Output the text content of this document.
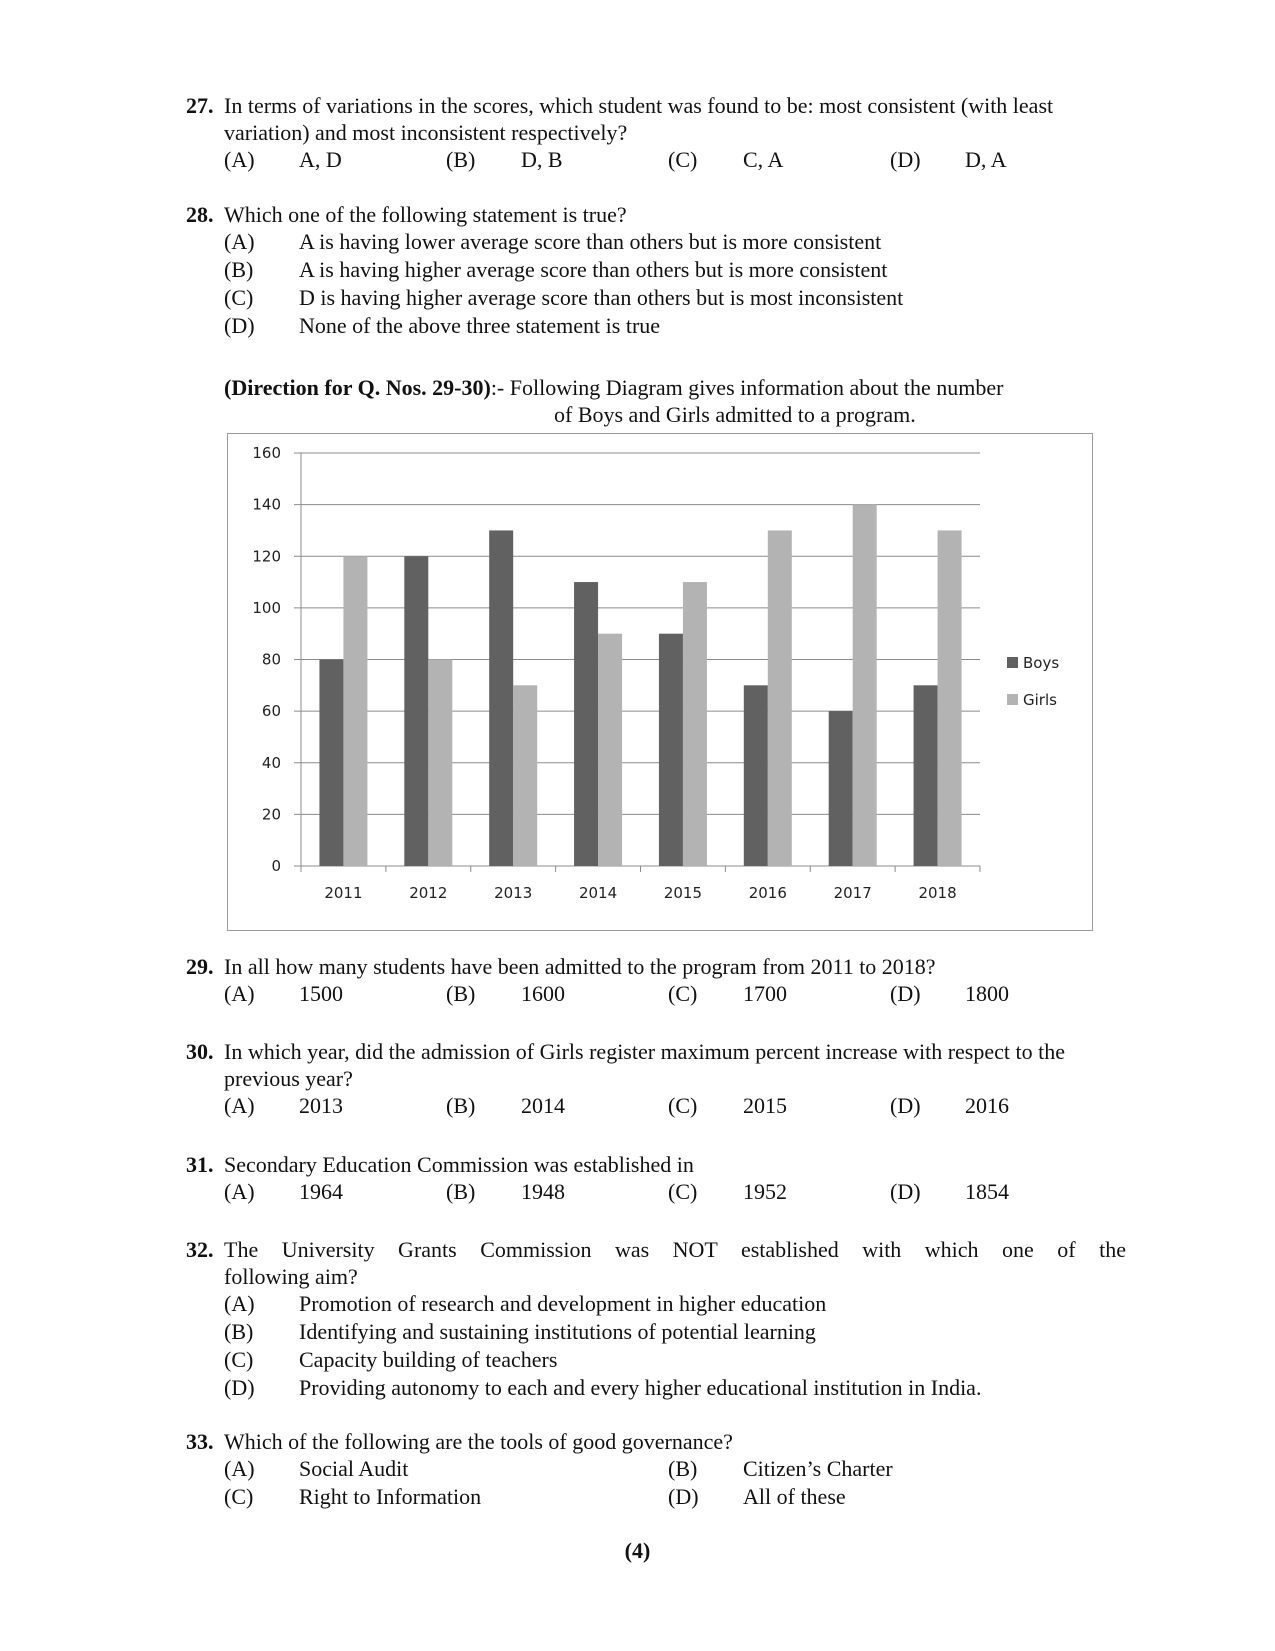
27. In terms of variations in the scores, which student was found to be: most consistent (with least variation) and most inconsistent respectively?
(A) A, D	(B) D, B	(C) C, A	(D) D, A
28. Which one of the following statement is true?
(A)	A is having lower average score than others but is more consistent
(B)	A is having higher average score than others but is more consistent
(C)	D is having higher average score than others but is most inconsistent
(D)	None of the above three statement is true
(Direction for Q. Nos. 29-30):- Following Diagram gives information about the number
of Boys and Girls admitted to a program.
0
20
40
60
80
100
120
140
160
2011	2012	2013	2014	2015	2016	2017	2018
Boys
Girls
29. In all how many students have been admitted to the program from 2011 to 2018?
(A) 1500	(B) 1600	(C) 1700	(D) 1800
30. In which year, did the admission of Girls register maximum percent increase with respect to the previous year?
(A) 2013	(B) 2014	(C) 2015	(D) 2016
31. Secondary Education Commission was established in
(A) 1964	(B) 1948	(C) 1952	(D) 1854
32. The University Grants Commission was NOT established with which one of the
following aim?
(A)	Promotion of research and development in higher education
(B)	Identifying and sustaining institutions of potential learning
(C)	Capacity building of teachers
(D)	Providing autonomy to each and every higher educational institution in India.
33. Which of the following are the tools of good governance?
(A) Social Audit	(B) Citizen’s Charter
(C) Right to Information	(D) All of these
(4)
